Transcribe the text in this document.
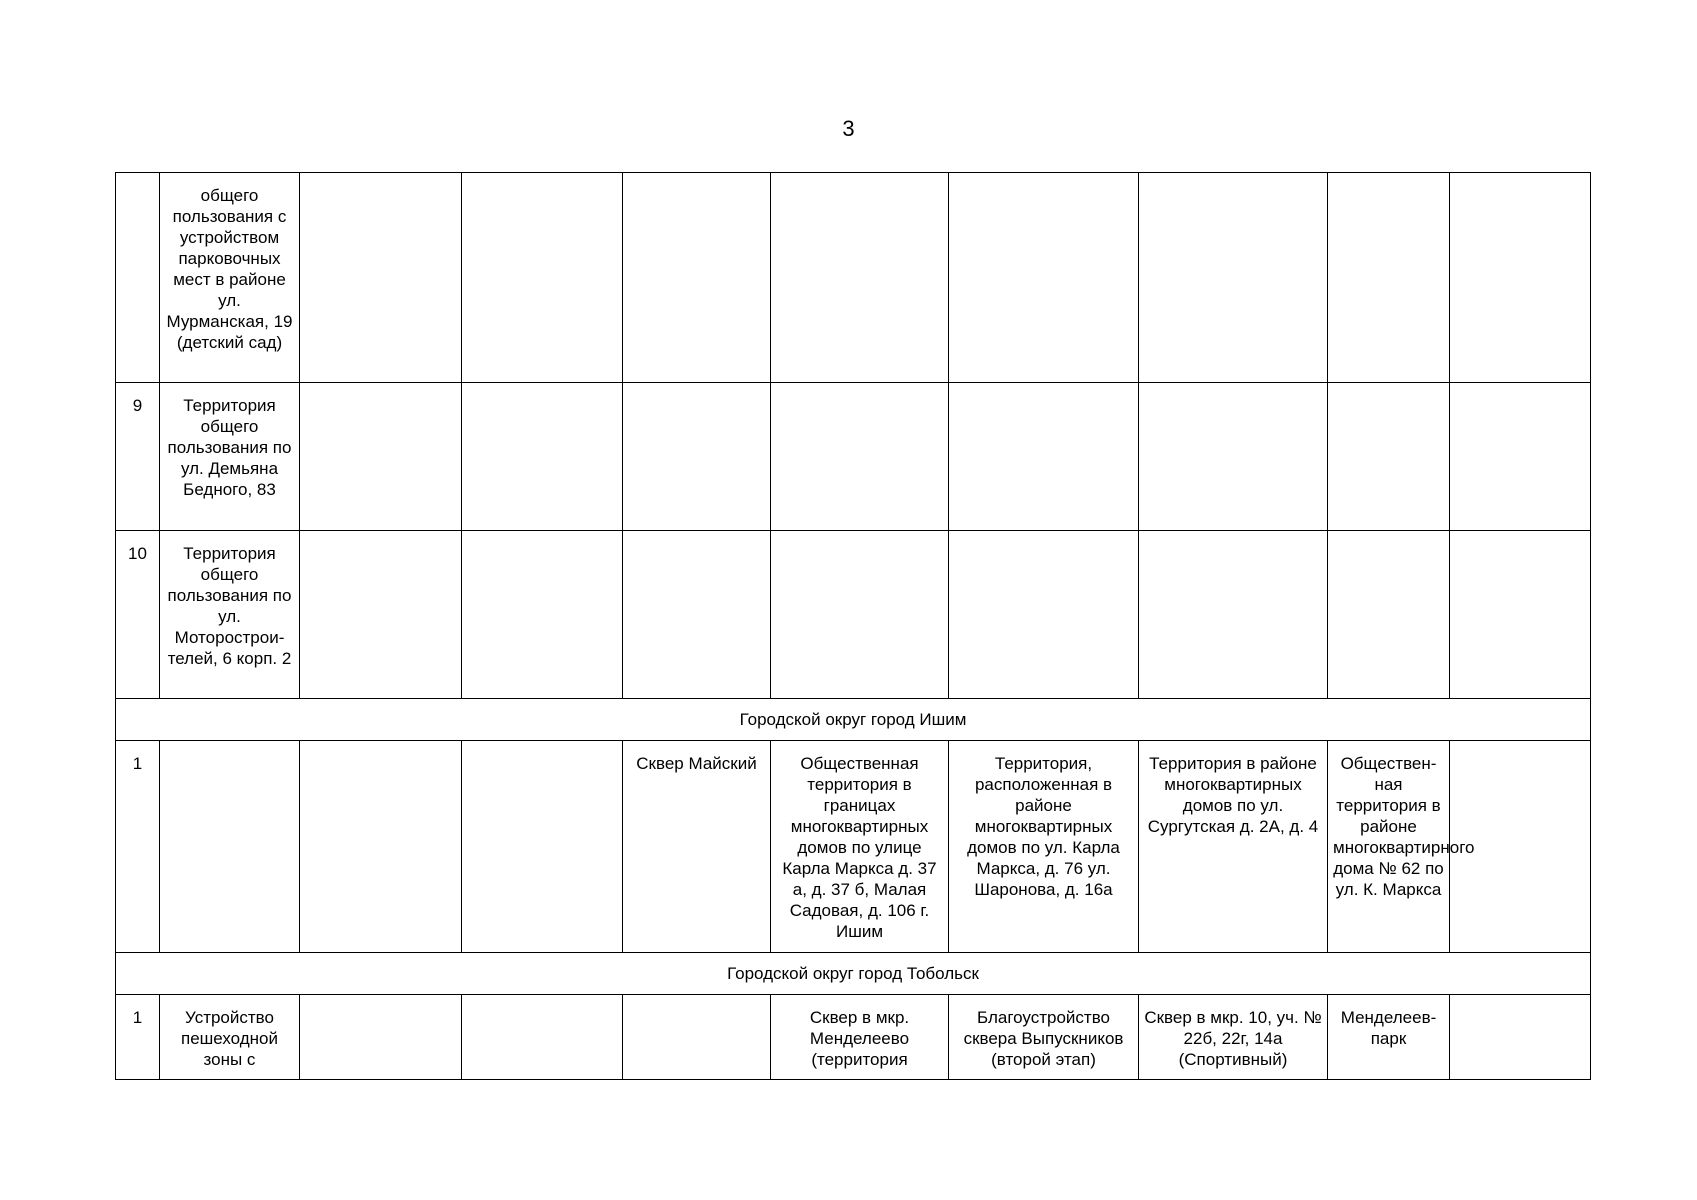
3
	общего пользования с устройством парковочных мест в районе ул. Мурманская, 19 (детский сад)								
9	Территория общего пользования по ул. Демьяна Бедного, 83								
10	Территория общего пользования по ул. Моторострои-телей, 6 корп. 2								
Городской округ город Ишим									
1				Сквер Майский	Общественная территория в границах многоквартирных домов по улице Карла Маркса д. 37 а, д. 37 б, Малая Садовая, д. 106 г. Ишим	Территория, расположенная в районе многоквартирных домов по ул. Карла Маркса, д. 76 ул. Шаронова, д. 16а	Территория в районе многоквартирных домов по ул. Сургутская д. 2А, д. 4	Обществен-ная территория в районе многоквартирного дома № 62 по ул. К. Маркса	
Городской округ город Тобольск									
1	Устройство пешеходной зоны с				Сквер в мкр. Менделеево (территория	Благоустройство сквера Выпускников (второй этап)	Сквер в мкр. 10, уч. № 22б, 22г, 14а (Спортивный)	Менделеев-парк	
